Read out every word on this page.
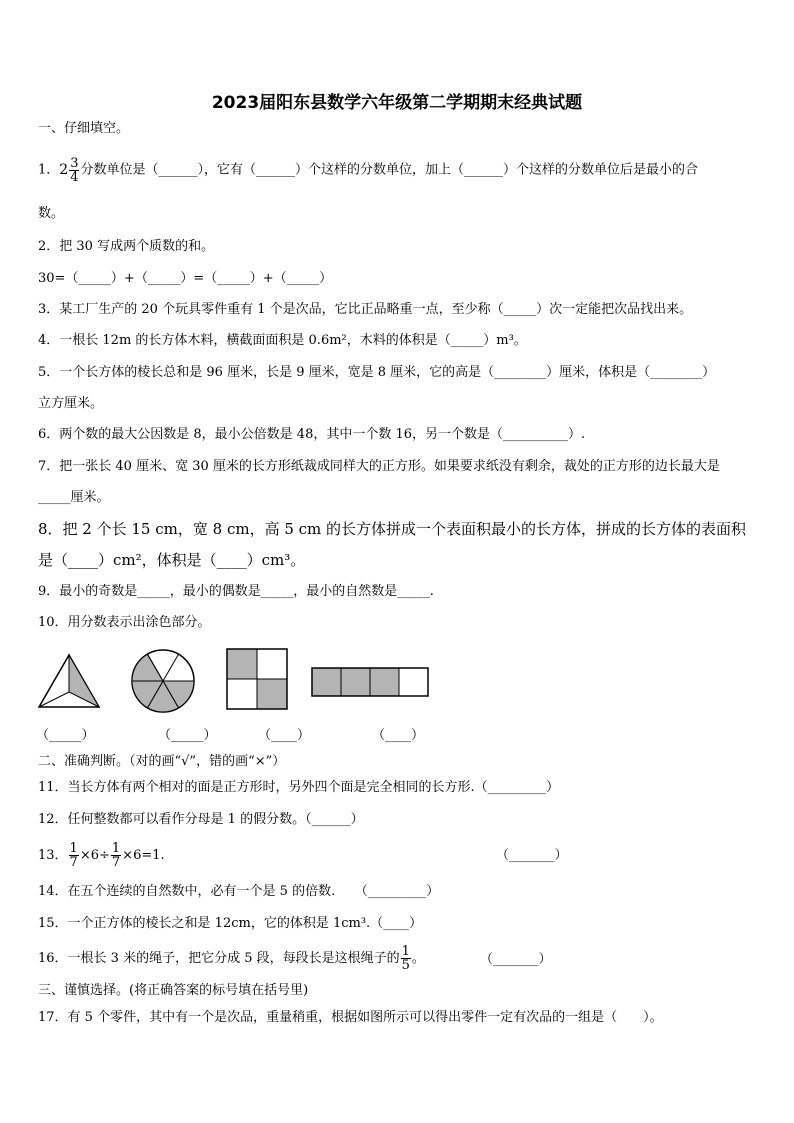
2023届阳东县数学六年级第二学期期末经典试题
一、仔细填空。
1．$2 \frac{3}{4}$ 分数单位是（______），它有（______）个这样的分数单位，加上（______）个这样的分数单位后是最小的合
数。
2．把 30 写成两个质数的和。
30=（_____）+（_____）=（_____）+（_____）
3．某工厂生产的 20 个玩具零件重有 1 个是次品，它比正品略重一点，至少称（_____）次一定能把次品找出来。
4．一根长 12m 的长方体木料，横截面面积是 0.6m²，木料的体积是（_____）m³。
5．一个长方体的棱长总和是 96 厘米，长是 9 厘米，宽是 8 厘米，它的高是（________）厘米，体积是（________）
立方厘米。
6．两个数的最大公因数是 8，最小公倍数是 48，其中一个数 16，另一个数是（__________）.
7．把一张长 40 厘米、宽 30 厘米的长方形纸裁成同样大的正方形。如果要求纸没有剩余，裁处的正方形的边长最大是
_____厘米。
8．把 2 个长 15 cm，宽 8 cm，高 5 cm 的长方体拼成一个表面积最小的长方体，拼成的长方体的表面积
是（____）cm²，体积是（____）cm³。
9．最小的奇数是_____，最小的偶数是_____，最小的自然数是_____.
10．用分数表示出涂色部分。
（_____）	（_____）	（____）	（____）
二、准确判断。（对的画“√”，错的画“×”）
11．当长方体有两个相对的面是正方形时，另外四个面是完全相同的长方形.（_________）
12．任何整数都可以看作分母是 1 的假分数。（______）
13． $\frac{1}{7} \times 6\div \frac{1}{7} \times 6=1$.	（_______）
14．在五个连续的自然数中，必有一个是 5 的倍数.　　（_________）
15．一个正方体的棱长之和是 12cm，它的体积是 1cm³.（____）
16．一根长 3 米的绳子，把它分成 5 段，每段长是这根绳子的 $\frac{1}{5}$ 。	（_______）
三、谨慎选择。(将正确答案的标号填在括号里)
17．有 5 个零件，其中有一个是次品，重量稍重，根据如图所示可以得出零件一定有次品的一组是（　　）。
